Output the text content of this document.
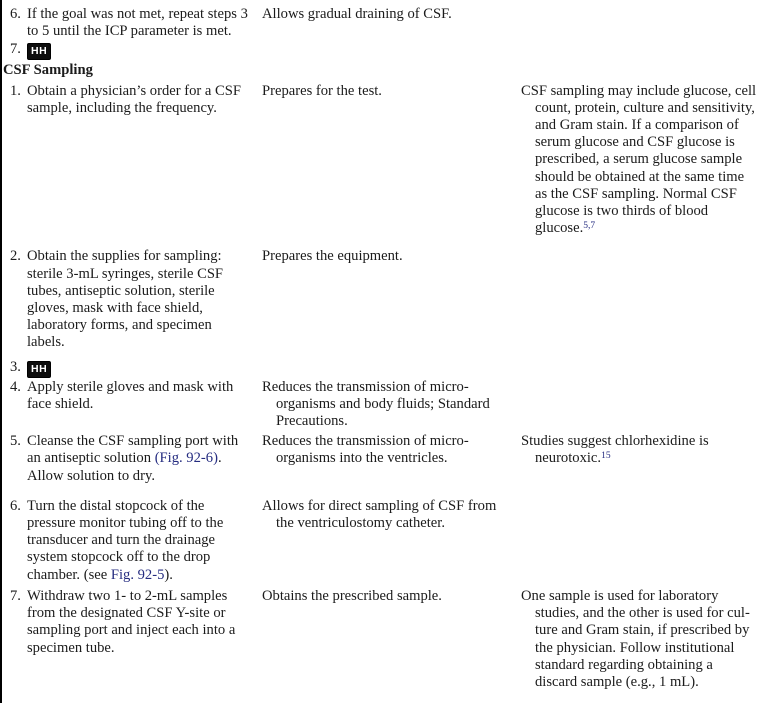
6. If the goal was not met, repeat steps 3 to 5 until the ICP parameter is met.
Allows gradual draining of CSF.
7. HH
CSF Sampling
1. Obtain a physician’s order for a CSF sample, including the frequency.
Prepares for the test.	CSF sampling may include glucose, cell count, protein, culture and sensitivity, and Gram stain. If a comparison of serum glucose and CSF glucose is prescribed, a serum glucose sample should be obtained at the same time as the CSF sampling. Normal CSF glucose is two thirds of blood glucose.$^{5,7}$
2. Obtain the supplies for sampling: sterile 3-mL syringes, sterile CSF tubes, antiseptic solution, sterile gloves, mask with face shield, laboratory forms, and specimen labels.
Prepares the equipment.
3. HH
4. Apply sterile gloves and mask with face shield.
Reduces the transmission of microorganisms and body fluids; Standard Precautions.
5. Cleanse the CSF sampling port with an antiseptic solution (Fig. 92-6). Allow solution to dry.
Reduces the transmission of microorganisms into the ventricles.
Studies suggest chlorhexidine is neurotoxic.$^{15}$
6. Turn the distal stopcock of the pressure monitor tubing off to the transducer and turn the drainage system stopcock off to the drop chamber. (see Fig. 92-5).
Allows for direct sampling of CSF from the ventriculostomy catheter.
7. Withdraw two 1- to 2-mL samples from the designated CSF Y-site or sampling port and inject each into a specimen tube.
Obtains the prescribed sample.	One sample is used for laboratory studies, and the other is used for culture and Gram stain, if prescribed by the physician. Follow institutional standard regarding obtaining a discard sample (e.g., 1 mL).
